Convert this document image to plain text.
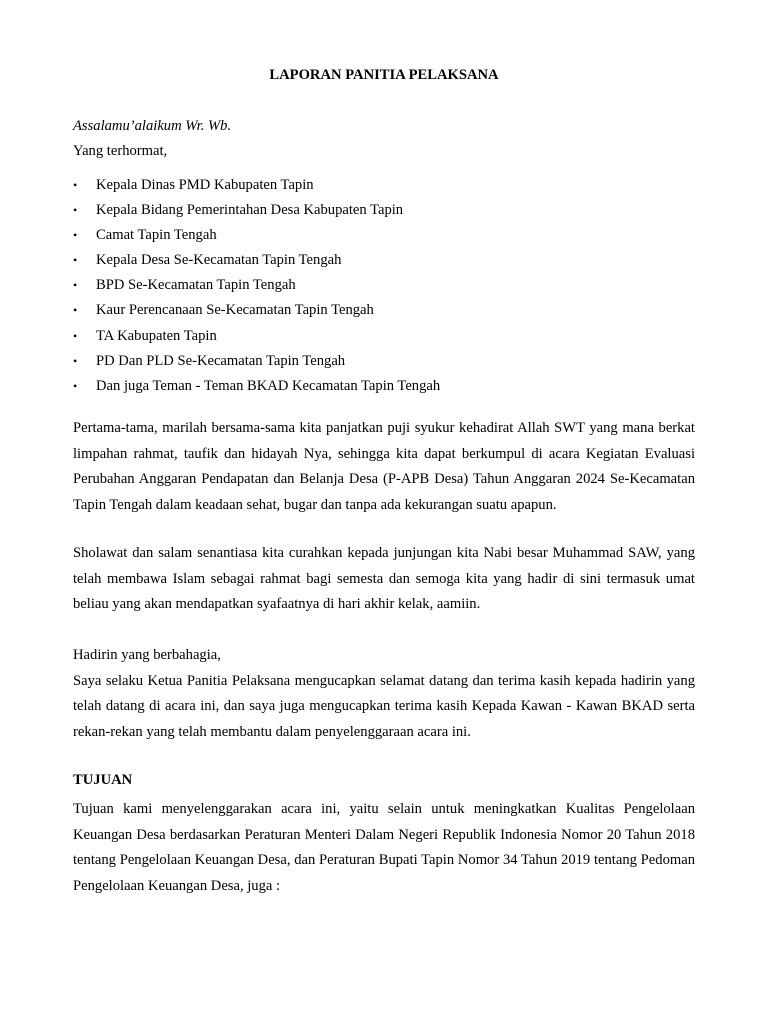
LAPORAN PANITIA PELAKSANA
Assalamu’alaikum Wr. Wb.
Yang terhormat,
• Kepala Dinas PMD Kabupaten Tapin
• Kepala Bidang Pemerintahan Desa Kabupaten Tapin
• Camat Tapin Tengah
• Kepala Desa Se-Kecamatan Tapin Tengah
• BPD Se-Kecamatan Tapin Tengah
• Kaur Perencanaan Se-Kecamatan Tapin Tengah
• TA Kabupaten Tapin
• PD Dan PLD Se-Kecamatan Tapin Tengah
• Dan juga Teman - Teman BKAD Kecamatan Tapin Tengah

Pertama-tama, marilah bersama-sama kita panjatkan puji syukur kehadirat Allah SWT yang mana berkat limpahan rahmat, taufik dan hidayah Nya, sehingga kita dapat berkumpul di acara Kegiatan Evaluasi Perubahan Anggaran Pendapatan dan Belanja Desa (P-APB Desa) Tahun Anggaran 2024 Se-Kecamatan Tapin Tengah dalam keadaan sehat, bugar dan tanpa ada kekurangan suatu apapun.

Sholawat dan salam senantiasa kita curahkan kepada junjungan kita Nabi besar Muhammad SAW, yang telah membawa Islam sebagai rahmat bagi semesta dan semoga kita yang hadir di sini termasuk umat beliau yang akan mendapatkan syafaatnya di hari akhir kelak, aamiin.

Hadirin yang berbahagia,
Saya selaku Ketua Panitia Pelaksana mengucapkan selamat datang dan terima kasih kepada hadirin yang telah datang di acara ini, dan saya juga mengucapkan terima kasih Kepada Kawan - Kawan BKAD serta rekan-rekan yang telah membantu dalam penyelenggaraan acara ini.
TUJUAN

Tujuan kami menyelenggarakan acara ini, yaitu selain untuk meningkatkan Kualitas Pengelolaan Keuangan Desa berdasarkan Peraturan Menteri Dalam Negeri Republik Indonesia Nomor 20 Tahun 2018 tentang Pengelolaan Keuangan Desa, dan Peraturan Bupati Tapin Nomor 34 Tahun 2019 tentang Pedoman Pengelolaan Keuangan Desa, juga :
